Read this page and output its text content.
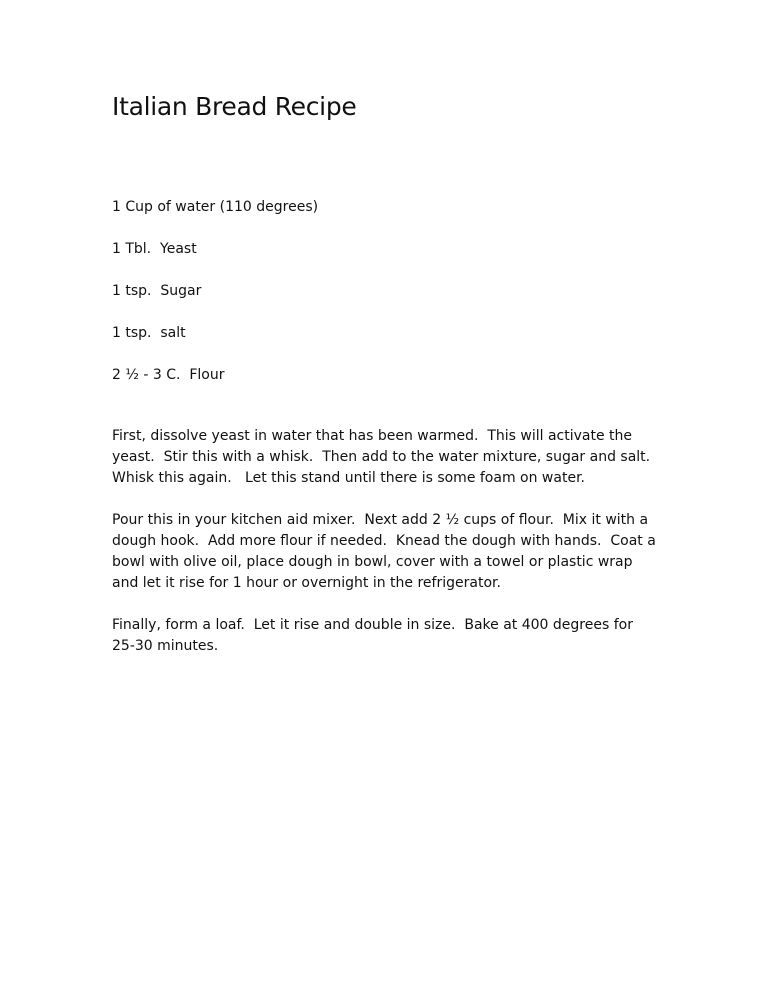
Italian Bread Recipe
1 Cup of water (110 degrees)
1 Tbl.  Yeast
1 tsp.  Sugar
1 tsp.  salt
2 ½ - 3 C.  Flour

First, dissolve yeast in water that has been warmed.  This will activate the yeast.  Stir this with a whisk.  Then add to the water mixture, sugar and salt.  Whisk this again.   Let this stand until there is some foam on water.

Pour this in your kitchen aid mixer.  Next add 2 ½ cups of flour.  Mix it with a dough hook.  Add more flour if needed.  Knead the dough with hands.  Coat a bowl with olive oil, place dough in bowl, cover with a towel or plastic wrap and let it rise for 1 hour or overnight in the refrigerator.

Finally, form a loaf.  Let it rise and double in size.  Bake at 400 degrees for 25-30 minutes.
